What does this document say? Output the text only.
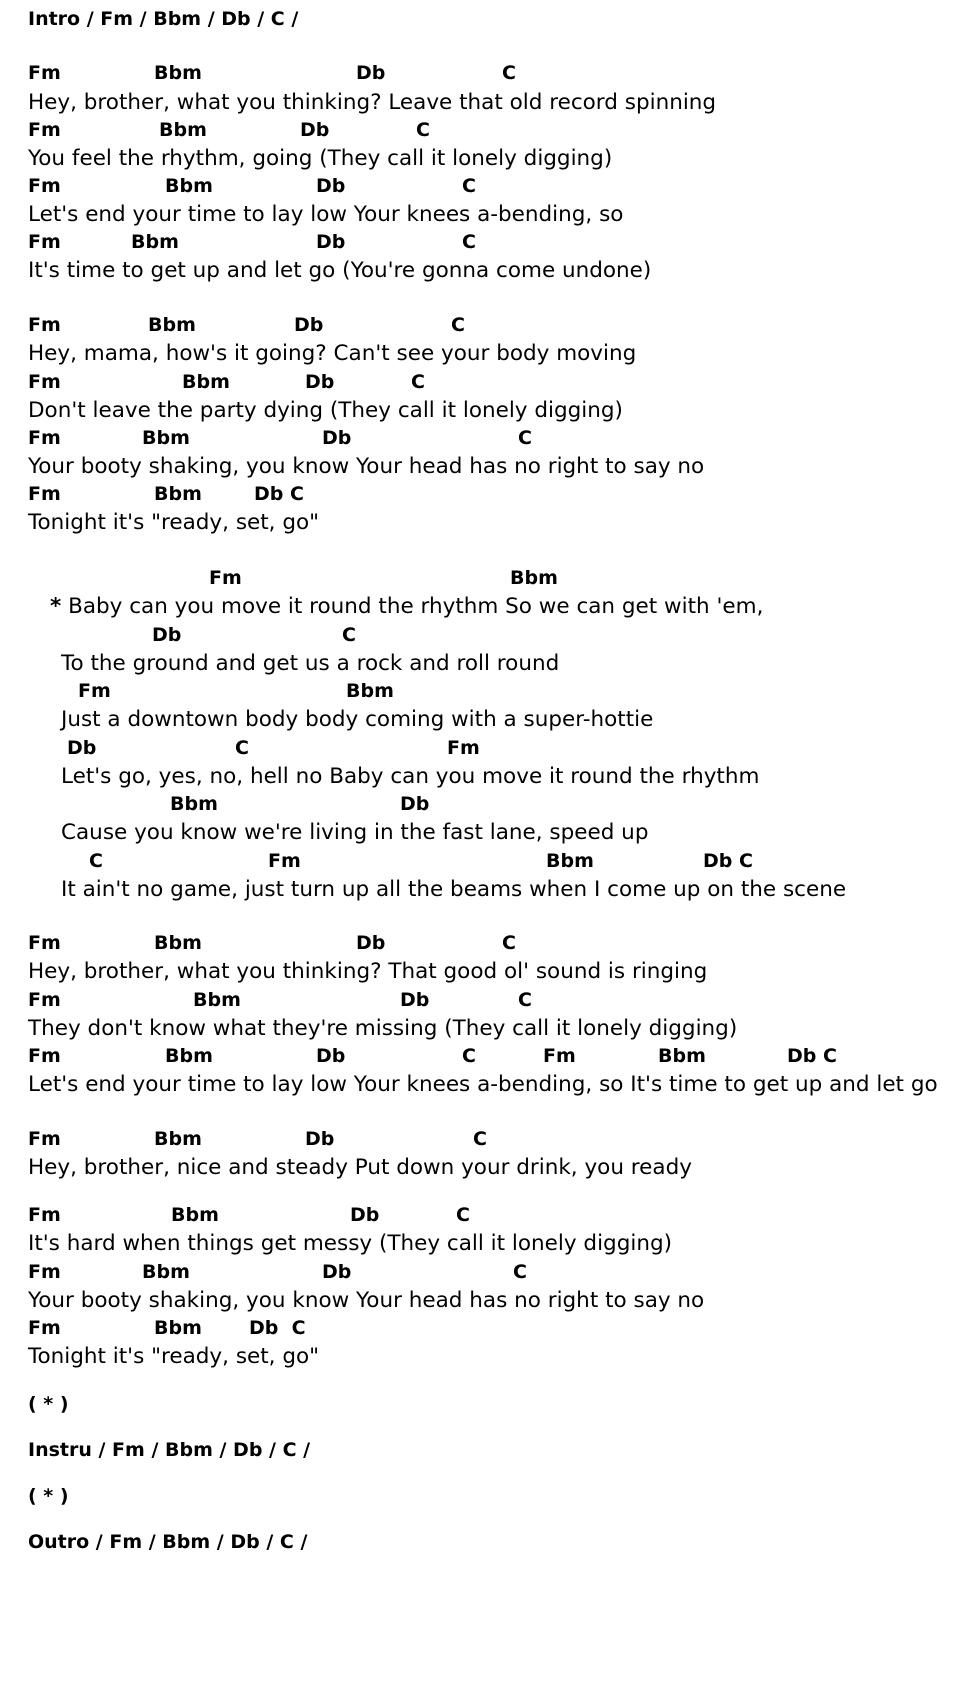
Intro / Fm / Bbm / Db / C /
Fm	Bbm	Db	C
Hey, brother, what you thinking? Leave that old record spinning
Fm	Bbm	Db	C
You feel the rhythm, going (They call it lonely digging)
Fm	Bbm	Db	C
Let's end your time to lay low Your knees a-bending, so
Fm	Bbm	Db	C
It's time to get up and let go (You're gonna come undone)
Fm	Bbm	Db	C
Hey, mama, how's it going? Can't see your body moving
Fm	Bbm	Db	C
Don't leave the party dying (They call it lonely digging)
Fm	Bbm	Db	C
Your booty shaking, you know Your head has no right to say no
Fm	Bbm	Db C
Tonight it's "ready, set, go"
Fm	Bbm
* Baby can you move it round the rhythm So we can get with 'em,
Db	C
To the ground and get us a rock and roll round
Fm	Bbm
Just a downtown body body coming with a super-hottie
Db	C	Fm
Let's go, yes, no, hell no Baby can you move it round the rhythm
Bbm	Db
Cause you know we're living in the fast lane, speed up
C	Fm	Bbm	Db C
It ain't no game, just turn up all the beams when I come up on the scene
Fm	Bbm	Db	C
Hey, brother, what you thinking? That good ol' sound is ringing
Fm	Bbm	Db	C
They don't know what they're missing (They call it lonely digging)
Fm	Bbm	Db	C	Fm	Bbm	Db C
Let's end your time to lay low Your knees a-bending, so It's time to get up and let go
Fm	Bbm	Db	C
Hey, brother, nice and steady Put down your drink, you ready
Fm	Bbm	Db	C
It's hard when things get messy (They call it lonely digging)
Fm	Bbm	Db	C
Your booty shaking, you know Your head has no right to say no
Fm	Bbm Db  C
Tonight it's "ready, set, go"
( * )
Instru / Fm / Bbm / Db / C /
( * )
Outro / Fm / Bbm / Db / C /
